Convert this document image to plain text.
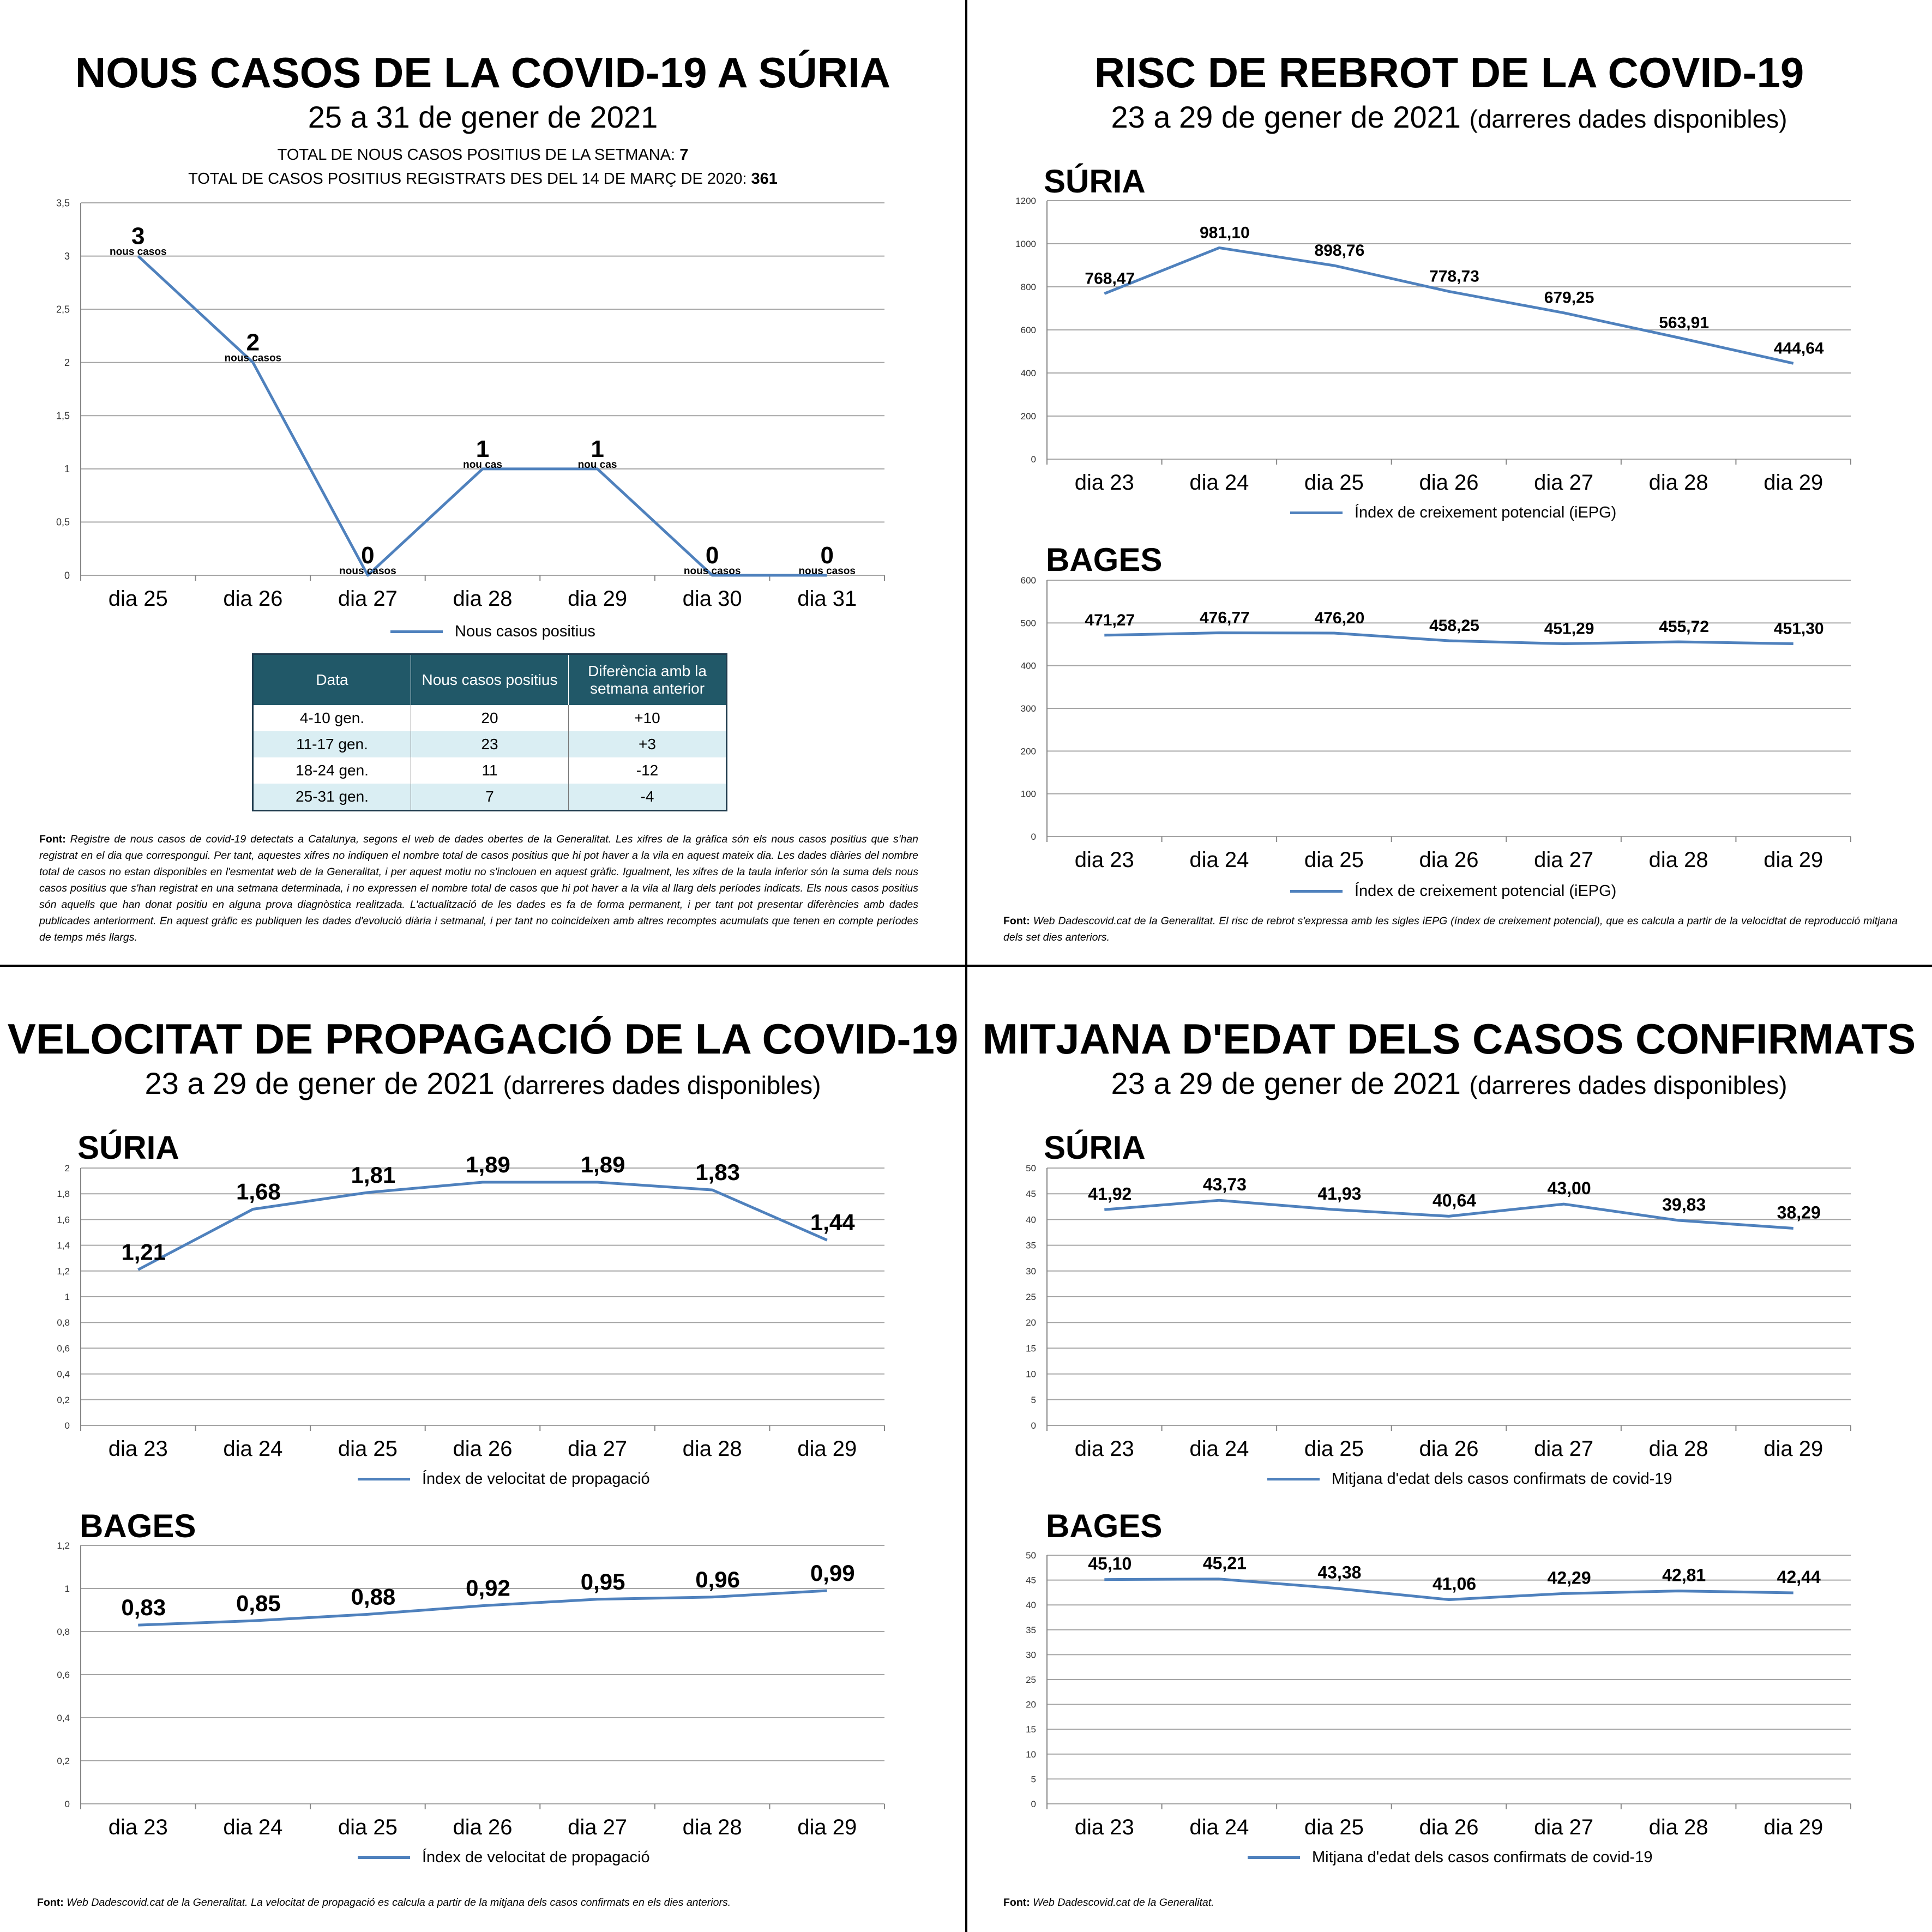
NOUS CASOS DE LA COVID-19 A SÚRIA
25 a 31 de gener de 2021
TOTAL DE NOUS CASOS POSITIUS DE LA SETMANA: 7
TOTAL DE CASOS POSITIUS REGISTRATS DES DEL 14 DE MARÇ DE 2020: 361
0
0,5
1
1,5
2
2,5
3
3,5
dia 25	dia 26	dia 27	dia 28	dia 29	dia 30	dia 31
3
nous casos
2
nous casos
0
nous casos
1
nou cas
1
nou cas
0
nous casos
0
nous casos
Nous casos positius
Data	Nous casos positius	Diferència amb la
setmana anterior
4-10 gen.	20	+10
11-17 gen.	23	+3
18-24 gen.	11	-12
25-31 gen.	7	-4
Font: Registre de nous casos de covid-19 detectats a Catalunya, segons el web de dades obertes de la Generalitat. Les xifres de la gràfica són els nous casos positius que s'han registrat en el dia que correspongui. Per tant, aquestes xifres no indiquen el nombre total de casos positius que hi pot haver a la vila en aquest mateix dia. Les dades diàries del nombre total de casos no estan disponibles en l'esmentat web de la Generalitat, i per aquest motiu no s'inclouen en aquest gràfic. Igualment, les xifres de la taula inferior són la suma dels nous casos positius que s'han registrat en una setmana determinada, i no expressen el nombre total de casos que hi pot haver a la vila al llarg dels períodes indicats. Els nous casos positius són aquells que han donat positiu en alguna prova diagnòstica realitzada. L'actualització de les dades es fa de forma permanent, i per tant pot presentar diferències amb dades publicades anteriorment. En aquest gràfic es publiquen les dades d'evolució diària i setmanal, i per tant no coincideixen amb altres recomptes acumulats que tenen en compte períodes de temps més llargs.
RISC DE REBROT DE LA COVID-19
23 a 29 de gener de 2021 (darreres dades disponibles)
SÚRIA
0
200
400
600
800
1000
1200
dia 23	dia 24	dia 25	dia 26	dia 27	dia 28	dia 29
768,47
981,10
898,76
778,73
679,25
563,91
444,64
Índex de creixement potencial (iEPG)
BAGES
0
100
200
300
400
500
600
dia 23	dia 24	dia 25	dia 26	dia 27	dia 28	dia 29
471,27	476,77	476,20	458,25	451,29	455,72	451,30
Índex de creixement potencial (iEPG)
Font: Web Dadescovid.cat de la Generalitat. El risc de rebrot s'expressa amb les sigles iEPG (índex de creixement potencial), que es calcula a partir de la velocidtat de reproducció mitjana dels set dies anteriors.
VELOCITAT DE PROPAGACIÓ DE LA COVID-19
23 a 29 de gener de 2021 (darreres dades disponibles)
SÚRIA
0
0,2
0,4
0,6
0,8
1
1,2
1,4
1,6
1,8
2
dia 23	dia 24	dia 25	dia 26	dia 27	dia 28	dia 29
1,21
1,68
1,81	1,89	1,89	1,83
1,44
Índex de velocitat de propagació
BAGES
0
0,2
0,4
0,6
0,8
1
1,2
dia 23	dia 24	dia 25	dia 26	dia 27	dia 28	dia 29
0,83	0,85	0,88	0,92	0,95	0,96	0,99
Índex de velocitat de propagació
Font: Web Dadescovid.cat de la Generalitat. La velocitat de propagació es calcula a partir de la mitjana dels casos confirmats en els dies anteriors.
MITJANA D'EDAT DELS CASOS CONFIRMATS
23 a 29 de gener de 2021 (darreres dades disponibles)
SÚRIA
0
5
10
15
20
25
30
35
40
45
50
dia 23	dia 24	dia 25	dia 26	dia 27	dia 28	dia 29
41,92	43,73	41,93	40,64
43,00
39,83	38,29
Mitjana d'edat dels casos confirmats de covid-19
BAGES
0
5
10
15
20
25
30
35
40
45
50
dia 23	dia 24	dia 25	dia 26	dia 27	dia 28	dia 29
45,10	45,21	43,38
41,06	42,29	42,81	42,44
Mitjana d'edat dels casos confirmats de covid-19
Font: Web Dadescovid.cat de la Generalitat.
